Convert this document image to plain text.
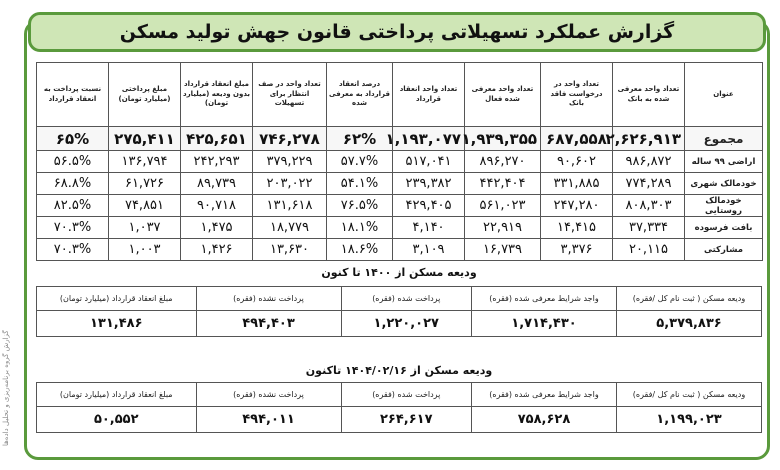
گزارش عملکرد تسهیلاتی پرداختی قانون جهش تولید مسکن
گزارش گروه برنامه‌ریزی و تحلیل داده‌ها
عنوان	تعداد واحد معرفی شده به بانک	تعداد واحد در درخواست فاقد بانک	تعداد واحد معرفی شده فعال	تعداد واحد انعقاد قرارداد	درصد انعقاد قرارداد به معرفی شده	تعداد واحد در صف انتظار برای تسهیلات	مبلغ انعقاد قرارداد بدون ودیعه (میلیارد تومان)	مبلغ پرداختی (میلیارد تومان)	نسبت پرداخت به انعقاد قرارداد
مجموع	۲,۶۲۶,۹۱۳	۶۸۷,۵۵۸	۱,۹۳۹,۳۵۵	۱,۱۹۳,۰۷۷	۶۲%	۷۴۶,۲۷۸	۴۲۵,۶۵۱	۲۷۵,۴۱۱	۶۵%
اراضی ۹۹ ساله	۹۸۶,۸۷۲	۹۰,۶۰۲	۸۹۶,۲۷۰	۵۱۷,۰۴۱	۵۷.۷%	۳۷۹,۲۲۹	۲۴۲,۲۹۳	۱۳۶,۷۹۴	۵۶.۵%
خودمالک شهری	۷۷۴,۲۸۹	۳۳۱,۸۸۵	۴۴۲,۴۰۴	۲۳۹,۳۸۲	۵۴.۱%	۲۰۳,۰۲۲	۸۹,۷۳۹	۶۱,۷۲۶	۶۸.۸%
خودمالک روستایی	۸۰۸,۳۰۳	۲۴۷,۲۸۰	۵۶۱,۰۲۳	۴۲۹,۴۰۵	۷۶.۵%	۱۳۱,۶۱۸	۹۰,۷۱۸	۷۴,۸۵۱	۸۲.۵%
بافت فرسوده	۳۷,۳۳۴	۱۴,۴۱۵	۲۲,۹۱۹	۴,۱۴۰	۱۸.۱%	۱۸,۷۷۹	۱,۴۷۵	۱,۰۳۷	۷۰.۳%
مشارکتی	۲۰,۱۱۵	۳,۳۷۶	۱۶,۷۳۹	۳,۱۰۹	۱۸.۶%	۱۳,۶۳۰	۱,۴۲۶	۱,۰۰۳	۷۰.۳%
ودیعه مسکن از ۱۴۰۰ تا کنون
ودیعه مسکن ( ثبت نام کل /فقره)	واجد شرایط معرفی شده (فقره)	پرداخت شده (فقره)	پرداخت نشده (فقره)	مبلغ انعقاد قرارداد (میلیارد تومان)
۵,۳۷۹,۸۳۶	۱,۷۱۴,۴۳۰	۱,۲۲۰,۰۲۷	۴۹۴,۴۰۳	۱۳۱,۴۸۶
ودیعه مسکن از ۱۴۰۴/۰۲/۱۶ تاکنون
ودیعه مسکن ( ثبت نام کل /فقره)	واجد شرایط معرفی شده (فقره)	پرداخت شده (فقره)	پرداخت نشده (فقره)	مبلغ انعقاد قرارداد (میلیارد تومان)
۱,۱۹۹,۰۲۳	۷۵۸,۶۲۸	۲۶۴,۶۱۷	۴۹۴,۰۱۱	۵۰,۵۵۲
